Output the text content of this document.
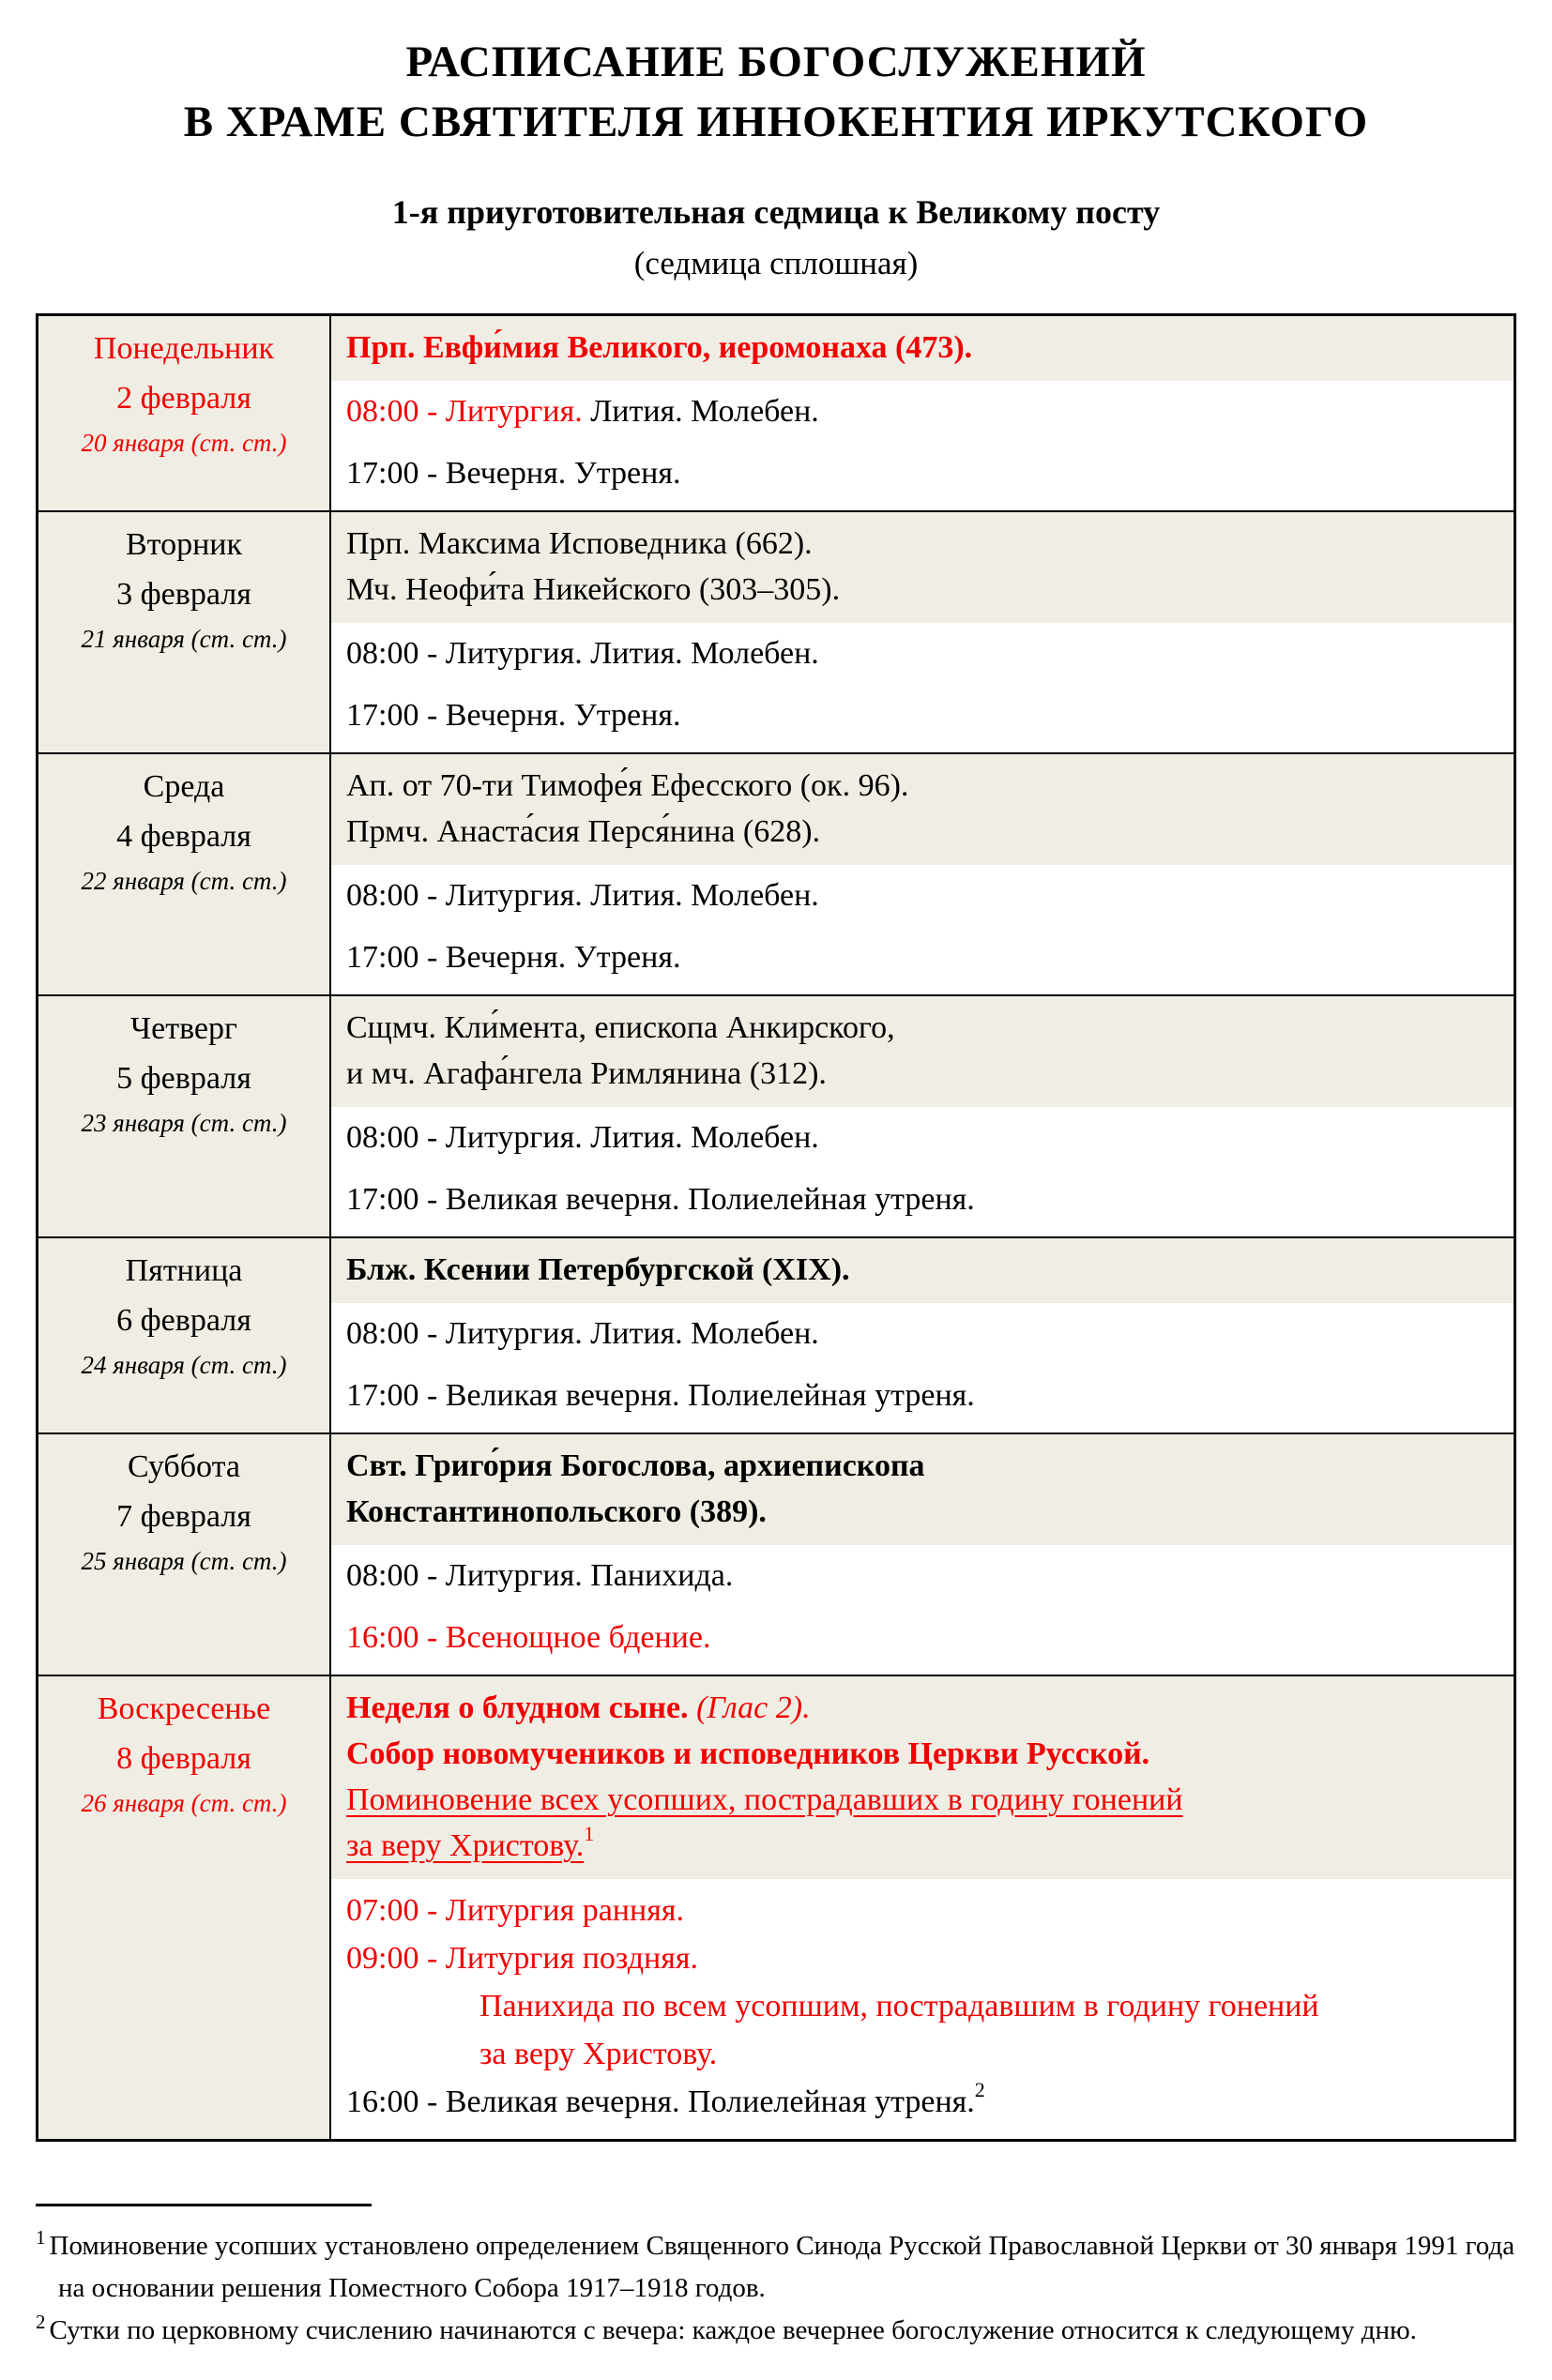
РАСПИСАНИЕ БОГОСЛУЖЕНИЙ
В ХРАМЕ СВЯТИТЕЛЯ ИННОКЕНТИЯ ИРКУТСКОГО
1-я приуготовительная седмица к Великому посту
(седмица сплошная)
Понедельник
2 февраля
20 января (ст. ст.)
Прп. Евфи́мия Великого, иеромонаха (473).
08:00 - Литургия. Лития. Молебен.
17:00 - Вечерня. Утреня.
Вторник
3 февраля
21 января (ст. ст.)
Прп. Максима Исповедника (662).
Мч. Неофи́та Никейского (303–305).
08:00 - Литургия. Лития. Молебен.
17:00 - Вечерня. Утреня.
Среда
4 февраля
22 января (ст. ст.)
Ап. от 70-ти Тимофе́я Ефесского (ок. 96).
Прмч. Анаста́сия Перся́нина (628).
08:00 - Литургия. Лития. Молебен.
17:00 - Вечерня. Утреня.
Четверг
5 февраля
23 января (ст. ст.)
Сщмч. Кли́мента, епископа Анкирского,
и мч. Агафа́нгела Римлянина (312).
08:00 - Литургия. Лития. Молебен.
17:00 - Великая вечерня. Полиелейная утреня.
Пятница
6 февраля
24 января (ст. ст.)
Блж. Ксении Петербургской (XIX).
08:00 - Литургия. Лития. Молебен.
17:00 - Великая вечерня. Полиелейная утреня.
Суббота
7 февраля
25 января (ст. ст.)
Свт. Григо́рия Богослова, архиепископа
Константинопольского (389).
08:00 - Литургия. Панихида.
16:00 - Всенощное бдение.
Воскресенье
8 февраля
26 января (ст. ст.)
Неделя о блудном сыне. (Глас 2).
Собор новомучеников и исповедников Церкви Русской.
Поминовение всех усопших, пострадавших в годину гонений
за веру Христову.$^1$
07:00 - Литургия ранняя.
09:00 - Литургия поздняя.
Панихида по всем усопшим, пострадавшим в годину гонений
за веру Христову.
16:00 - Великая вечерня. Полиелейная утреня.$^2$
$^1$ Поминовение усопших установлено определением Священного Синода Русской Православной Церкви от 30 января 1991 года на основании решения Поместного Собора 1917–1918 годов.
$^2$ Сутки по церковному счислению начинаются с вечера: каждое вечернее богослужение относится к следующему дню.
